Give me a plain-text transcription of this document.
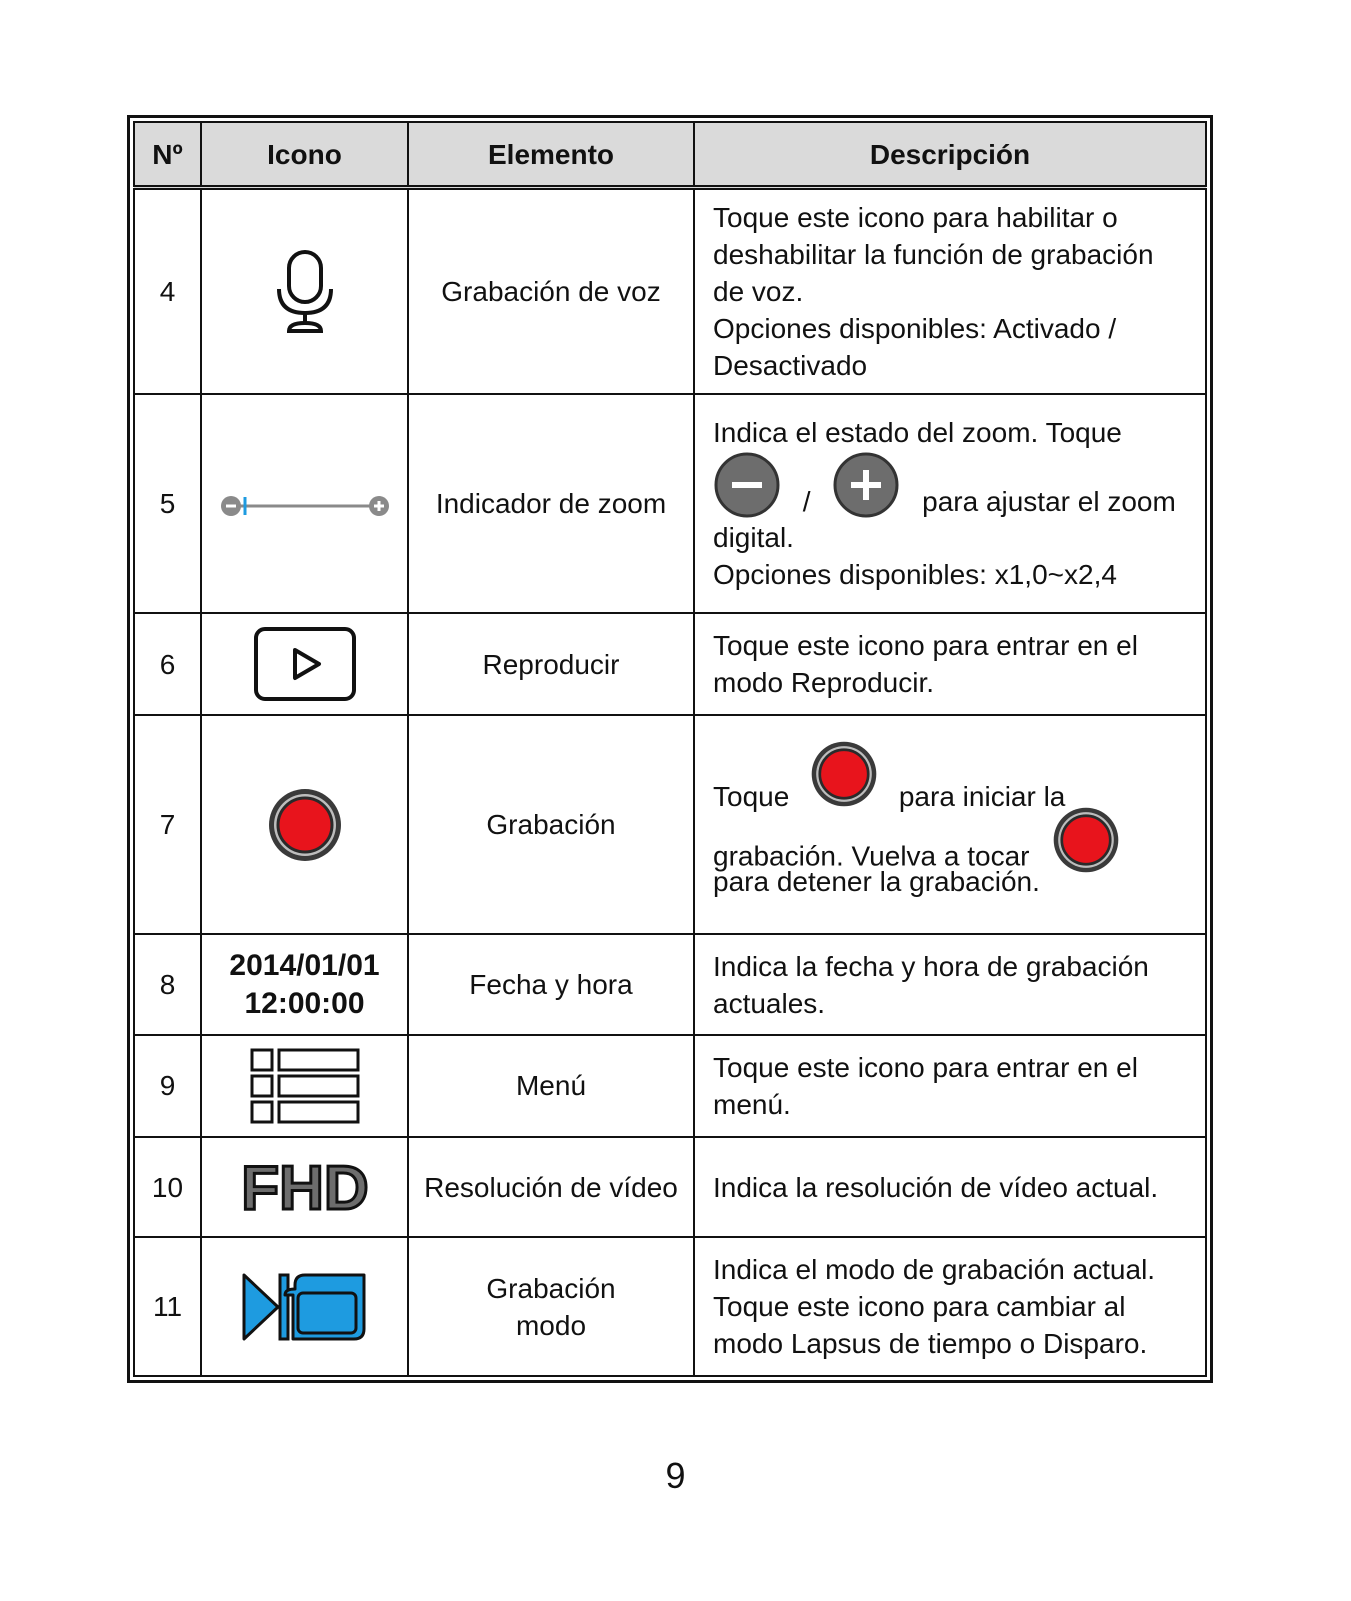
Nº	Icono	Elemento	Descripción
4		Grabación de voz	Toque este icono para habilitar o
deshabilitar la función de grabación
de voz.
Opciones disponibles: Activado /
Desactivado

5		Indicador de zoom	Indica el estado del zoom. Toque
/ para ajustar el zoom
digital.
Opciones disponibles: x1,0~x2,4

6		Reproducir	Toque este icono para entrar en el
modo Reproducir.

7		Grabación	Toque para iniciar la
grabación. Vuelva a tocar
para detener la grabación.

8	2014/01/01
12:00:00	Fecha y hora	Indica la fecha y hora de grabación
actuales.

9		Menú	Toque este icono para entrar en el
menú.

10	FHD	Resolución de vídeo	Indica la resolución de vídeo actual.

11		Grabación
modo	Indica el modo de grabación actual.
Toque este icono para cambiar al
modo Lapsus de tiempo o Disparo.
9
